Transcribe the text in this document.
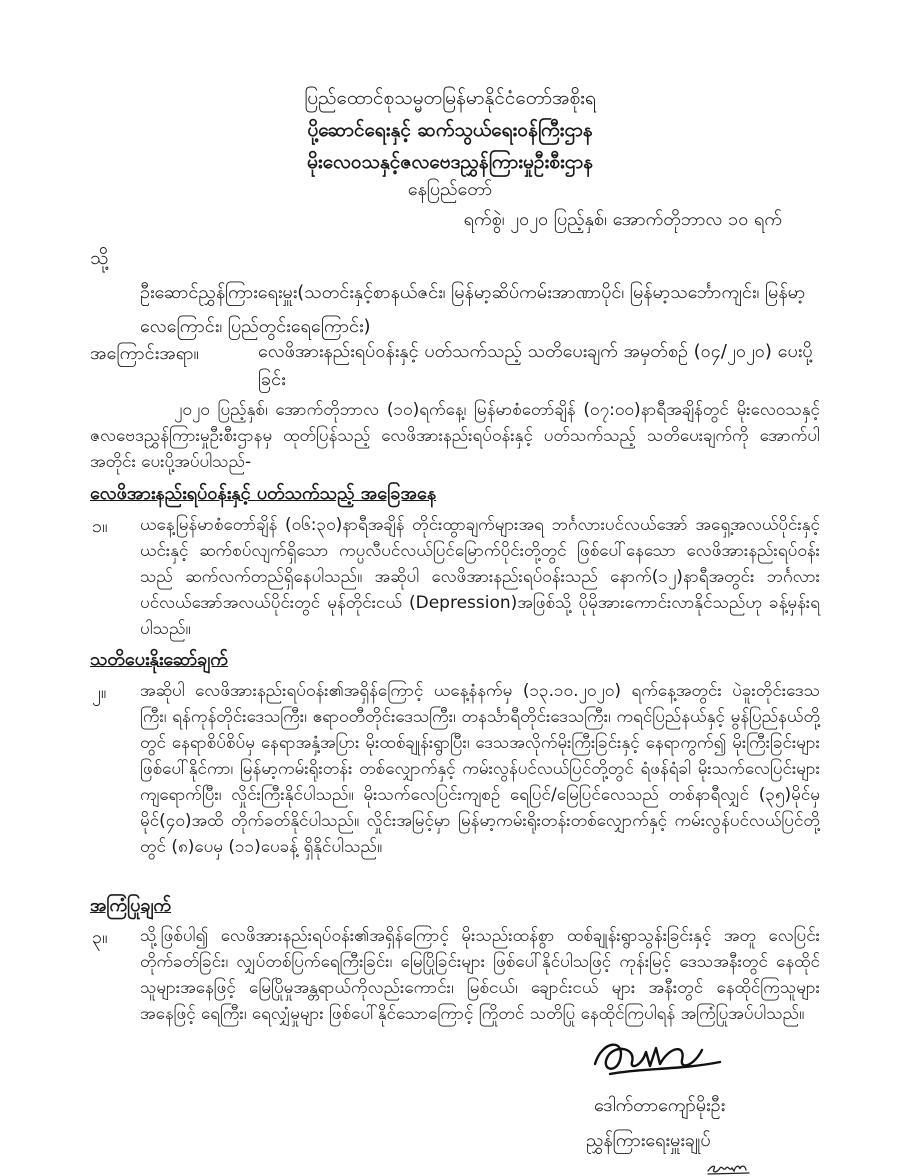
ပြည်ထောင်စုသမ္မတမြန်မာနိုင်ငံတော်အစိုးရ
ပို့ဆောင်ရေးနှင့် ဆက်သွယ်ရေးဝန်ကြီးဌာန
မိုးလေဝသနှင့်ဇလဗေဒညွှန်ကြားမှုဦးစီးဌာန
နေပြည်တော်
ရက်စွဲ၊ ၂၀၂၀ ပြည့်နှစ်၊ အောက်တိုဘာလ ၁၀ ရက်
သို့
ဦးဆောင်ညွှန်ကြားရေးမှူး(သတင်းနှင့်စာနယ်ဇင်း၊ မြန်မာ့ဆိပ်ကမ်းအာဏာပိုင်၊ မြန်မာ့သင်္ဘောကျင်း၊ မြန်မာ့လေကြောင်း၊ ပြည်တွင်းရေကြောင်း)
အကြောင်းအရာ။	လေဖိအားနည်းရပ်ဝန်းနှင့် ပတ်သက်သည့် သတိပေးချက် အမှတ်စဉ် (၀၄/၂၀၂၀) ပေးပို့ခြင်း
၂၀၂၀ ပြည့်နှစ်၊ အောက်တိုဘာလ (၁၀)ရက်နေ့၊ မြန်မာစံတော်ချိန် (၀၇:၀၀)နာရီအချိန်တွင် မိုးလေဝသနှင့် ဇလဗေဒညွှန်ကြားမှုဦးစီးဌာနမှ ထုတ်ပြန်သည့် လေဖိအားနည်းရပ်ဝန်းနှင့် ပတ်သက်သည့် သတိပေးချက်ကို အောက်ပါအတိုင်း ပေးပို့အပ်ပါသည်-
လေဖိအားနည်းရပ်ဝန်းနှင့် ပတ်သက်သည့် အခြေအနေ
၁။ ယနေ့မြန်မာစံတော်ချိန် (၀၆:၃၀)နာရီအချိန် တိုင်းထွာချက်များအရ ဘင်္ဂလားပင်လယ်အော် အရှေ့အလယ်ပိုင်းနှင့် ယင်းနှင့် ဆက်စပ်လျက်ရှိသော ကပ္ပလီပင်လယ်ပြင်မြောက်ပိုင်းတို့တွင် ဖြစ်ပေါ်နေသော လေဖိအားနည်းရပ်ဝန်းသည် ဆက်လက်တည်ရှိနေပါသည်။ အဆိုပါ လေဖိအားနည်းရပ်ဝန်းသည် နောက်(၁၂)နာရီအတွင်း ဘင်္ဂလားပင်လယ်အော်အလယ်ပိုင်းတွင် မုန်တိုင်းငယ် (Depression)အဖြစ်သို့ ပိုမိုအားကောင်းလာနိုင်သည်ဟု ခန့်မှန်းရပါသည်။
သတိပေးနိုးဆော်ချက်
၂။ အဆိုပါ လေဖိအားနည်းရပ်ဝန်း၏အရှိန်ကြောင့် ယနေ့နံနက်မှ (၁၃.၁၀.၂၀၂၀) ရက်နေ့အတွင်း ပဲခူးတိုင်းဒေသကြီး၊ ရန်ကုန်တိုင်းဒေသကြီး၊ ဧရာဝတီတိုင်းဒေသကြီး၊ တနင်္သာရီတိုင်းဒေသကြီး၊ ကရင်ပြည်နယ်နှင့် မွန်ပြည်နယ်တို့တွင် နေရာစိပ်စိပ်မှ နေရာအနှံ့အပြား မိုးထစ်ချုန်းရွာပြီး၊ ဒေသအလိုက်မိုးကြီးခြင်းနှင့် နေရာကွက်၍ မိုးကြီးခြင်းများ ဖြစ်ပေါ်နိုင်ကာ၊ မြန်မာ့ကမ်းရိုးတန်း တစ်လျှောက်နှင့် ကမ်းလွန်ပင်လယ်ပြင်တို့တွင် ရံဖန်ရံခါ မိုးသက်လေပြင်းများ ကျရောက်ပြီး၊ လှိုင်းကြီးနိုင်ပါသည်။ မိုးသက်လေပြင်းကျစဉ် ရေပြင်/မြေပြင်လေသည် တစ်နာရီလျှင် (၃၅)မိုင်မှ မိုင်(၄၀)အထိ တိုက်ခတ်နိုင်ပါသည်။ လှိုင်းအမြင့်မှာ မြန်မာ့ကမ်းရိုးတန်းတစ်လျှောက်နှင့် ကမ်းလွန်ပင်လယ်ပြင်တို့တွင် (၈)ပေမှ (၁၁)ပေခန့် ရှိနိုင်ပါသည်။
အကြံပြုချက်
၃။ သို့ဖြစ်ပါ၍ လေဖိအားနည်းရပ်ဝန်း၏အရှိန်ကြောင့် မိုးသည်းထန်စွာ ထစ်ချုန်းရွာသွန်းခြင်းနှင့် အတူ လေပြင်းတိုက်ခတ်ခြင်း၊ လျှပ်တစ်ပြက်ရေကြီးခြင်း၊ မြေပြိုခြင်းများ ဖြစ်ပေါ်နိုင်ပါသဖြင့် ကုန်းမြင့် ဒေသအနီးတွင် နေထိုင်သူများအနေဖြင့် မြေပြိုမှုအန္တရာယ်ကိုလည်းကောင်း၊ မြစ်ငယ်၊ ချောင်းငယ် များ အနီးတွင် နေထိုင်ကြသူများအနေဖြင့် ရေကြီး၊ ရေလျှံမှုများ ဖြစ်ပေါ်နိုင်သောကြောင့် ကြိုတင် သတိပြု နေထိုင်ကြပါရန် အကြံပြုအပ်ပါသည်။
ဒေါက်တာကျော်မိုးဦး
ညွှန်ကြားရေးမှူးချုပ်
